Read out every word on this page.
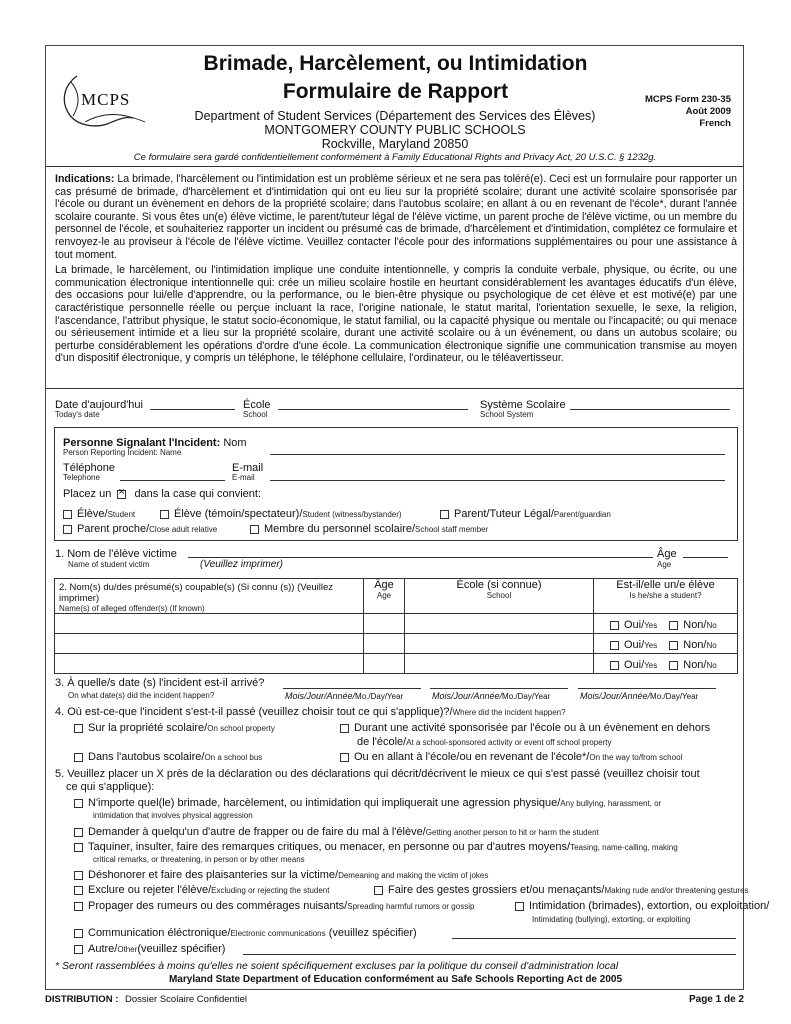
MCPS
Brimade, Harcèlement, ou Intimidation
Formulaire de Rapport	MCPS Form 230-35
Août 2009
French
Department of Student Services (Département des Services des Élèves)
MONTGOMERY COUNTY PUBLIC SCHOOLS
Rockville, Maryland 20850
Ce formulaire sera gardé confidentiellement conformément à Family Educational Rights and Privacy Act, 20 U.S.C. § 1232g.

Indications: La brimade, l'harcèlement ou l'intimidation est un problème sérieux et ne sera pas toléré(e). Ceci est un formulaire pour rapporter un cas présumé de brimade, d'harcèlement et d'intimidation qui ont eu lieu sur la propriété scolaire; durant une activité scolaire sponsorisée par l'école ou durant un évènement en dehors de la propriété scolaire; dans l'autobus scolaire; en allant à ou en revenant de l'école*, durant l'année scolaire courante. Si vous êtes un(e) élève victime, le parent/tuteur légal de l'élève victime, un parent proche de l'élève victime, ou un membre du personnel de l'école, et souhaiteriez rapporter un incident ou présumé cas de brimade, d'harcèlement et d'intimidation, complétez ce formulaire et renvoyez-le au proviseur à l'école de l'élève victime. Veuillez contacter l'école pour des informations supplémentaires ou pour une assistance à tout moment.

La brimade, le harcèlement, ou l'intimidation implique une conduite intentionnelle, y compris la conduite verbale, physique, ou écrite, ou une communication électronique intentionnelle qui: crée un milieu scolaire hostile en heurtant considérablement les avantages éducatifs d'un élève, des occasions pour lui/elle d'apprendre, ou la performance, ou le bien-être physique ou psychologique de cet élève et est motivé(e) par une caractéristique personnelle réelle ou perçue incluant la race, l'origine nationale, le statut marital, l'orientation sexuelle, le sexe, la religion, l'ascendance, l'attribut physique, le statut socio-économique, le statut familial, ou la capacité physique ou mentale ou l'incapacité; ou qui menace ou sérieusement intimide et a lieu sur la propriété scolaire, durant une activité scolaire ou à un événement, ou dans un autobus scolaire; ou perturbe considérablement les opérations d'ordre d'une école. La communication électronique signifie une communication transmise au moyen d'un dispositif électronique, y compris un téléphone, le téléphone cellulaire, l'ordinateur, ou le téléavertisseur.

Date d'aujourd'hui
Today's date
École
School
Système Scolaire
School System
Personne Signalant l'Incident: Nom
Person Reporting Incident: Name
Téléphone
Telephone
E-mail
E-mail
Placez un × dans la case qui convient:
Élève/Student	Élève (témoin/spectateur)/Student (witness/bystander)	Parent/Tuteur Légal/Parent/guardian
Parent proche/Close adult relative	Membre du personnel scolaire/School staff member
1. Nom de l'élève victime
Name of student victim	(Veuillez imprimer)
Âge
Age
2. Nom(s) du/des présumé(s) coupable(s) (Si connu (s)) (Veuillez imprimer)
Name(s) of alleged offender(s) (If known)

Âge
Age

École (si connue)
School

Est-il/elle un/e élève
Is he/she a student?

			Oui/Yes Non/No
			Oui/Yes Non/No
			Oui/Yes Non/No
3. À quelle/s date (s) l'incident est-il arrivé?
On what date(s) did the incident happen?	Mois/Jour/Année/Mo./Day/Year	Mois/Jour/Année/Mo./Day/Year	Mois/Jour/Année/Mo./Day/Year
4. Où est-ce-que l'incident s'est-t-il passé (veuillez choisir tout ce qui s'applique)?/Where did the incident happen?
Sur la propriété scolaire/On school property	Durant une activité sponsorisée par l'école ou à un évènement en dehors
de l'école/At a school-sponsored activity or event off school property
Dans l'autobus scolaire/On a school bus	Ou en allant à l'école/ou en revenant de l'école*/On the way to/from school
5. Veuillez placer un X près de la déclaration ou des déclarations qui décrit/décrivent le mieux ce qui s'est passé (veuillez choisir tout
ce qui s'applique):
N'importe quel(le) brimade, harcèlement, ou intimidation qui impliquerait une agression physique/Any bullying, harassment, or
intimidation that involves physical aggression
Demander à quelqu'un d'autre de frapper ou de faire du mal à l'élève/Getting another person to hit or harm the student
Taquiner, insulter, faire des remarques critiques, ou menacer, en personne ou par d'autres moyens/Teasing, name-calling, making
critical remarks, or threatening, in person or by other means
Déshonorer et faire des plaisanteries sur la victime/Demeaning and making the victim of jokes
Exclure ou rejeter l'élève/Excluding or rejecting the student	Faire des gestes grossiers et/ou menaçants/Making rude and/or threatening gestures
Propager des rumeurs ou des commérages nuisants/Spreading harmful rumors or gossip	Intimidation (brimades), extortion, ou exploitation/
Intimidating (bullying), extorting, or exploiting
Communication éléctronique/Electronic communications (veuillez spécifier)
Autre/Other(veuillez spécifier)
* Seront rassemblées à moins qu'elles ne soient spécifiquement excluses par la politique du conseil d'administration local
Maryland State Department of Education conformément au Safe Schools Reporting Act de 2005
DISTRIBUTION : Dossier Scolaire Confidentiel	Page 1 de 2
